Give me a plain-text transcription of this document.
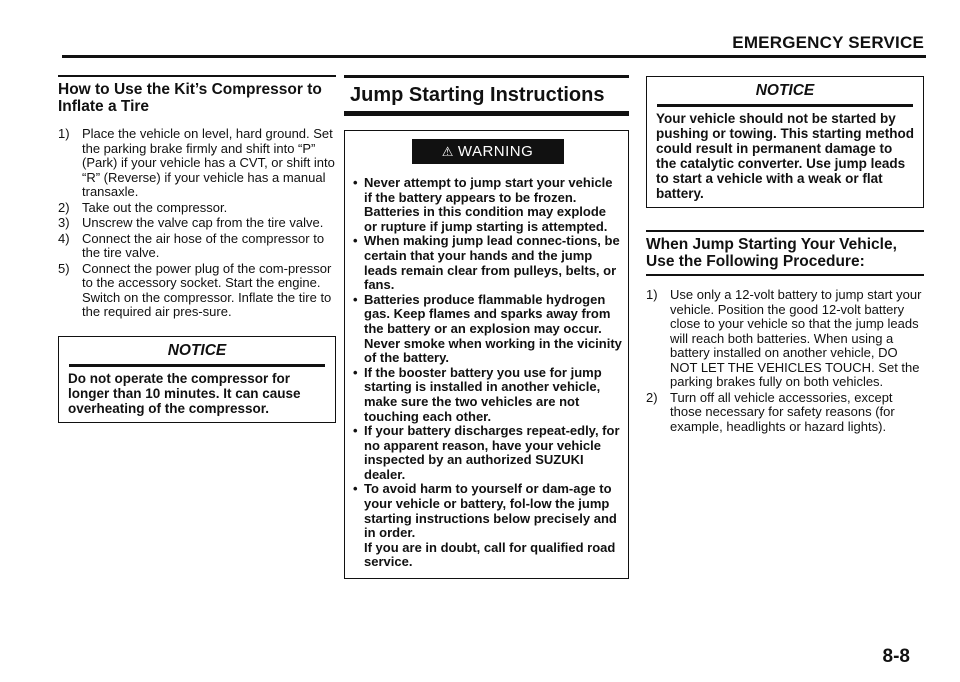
EMERGENCY SERVICE
How to Use the Kit’s Compressor to Inflate a Tire
1) Place the vehicle on level, hard ground. Set the parking brake firmly and shift into “P” (Park) if your vehicle has a CVT, or shift into “R” (Reverse) if your vehicle has a manual transaxle.
2) Take out the compressor.
3) Unscrew the valve cap from the tire valve.
4) Connect the air hose of the compressor to the tire valve.
5) Connect the power plug of the com-pressor to the accessory socket. Start the engine. Switch on the compressor. Inflate the tire to the required air pres-sure.
NOTICE
Do not operate the compressor for longer than 10 minutes. It can cause overheating of the compressor.
Jump Starting Instructions
⚠ WARNING
• Never attempt to jump start your vehicle if the battery appears to be frozen. Batteries in this condition may explode or rupture if jump starting is attempted.
• When making jump lead connec-tions, be certain that your hands and the jump leads remain clear from pulleys, belts, or fans.
• Batteries produce flammable hydrogen gas. Keep flames and sparks away from the battery or an explosion may occur. Never smoke when working in the vicinity of the battery.
• If the booster battery you use for jump starting is installed in another vehicle, make sure the two vehicles are not touching each other.
• If your battery discharges repeat-edly, for no apparent reason, have your vehicle inspected by an authorized SUZUKI dealer.
• To avoid harm to yourself or dam-age to your vehicle or battery, fol-low the jump starting instructions below precisely and in order.
If you are in doubt, call for qualified road service.
NOTICE
Your vehicle should not be started by pushing or towing. This starting method could result in permanent damage to the catalytic converter. Use jump leads to start a vehicle with a weak or flat battery.
When Jump Starting Your Vehicle, Use the Following Procedure:
1) Use only a 12-volt battery to jump start your vehicle. Position the good 12-volt battery close to your vehicle so that the jump leads will reach both batteries. When using a battery installed on another vehicle, DO NOT LET THE VEHICLES TOUCH. Set the parking brakes fully on both vehicles.
2) Turn off all vehicle accessories, except those necessary for safety reasons (for example, headlights or hazard lights).
8-8
